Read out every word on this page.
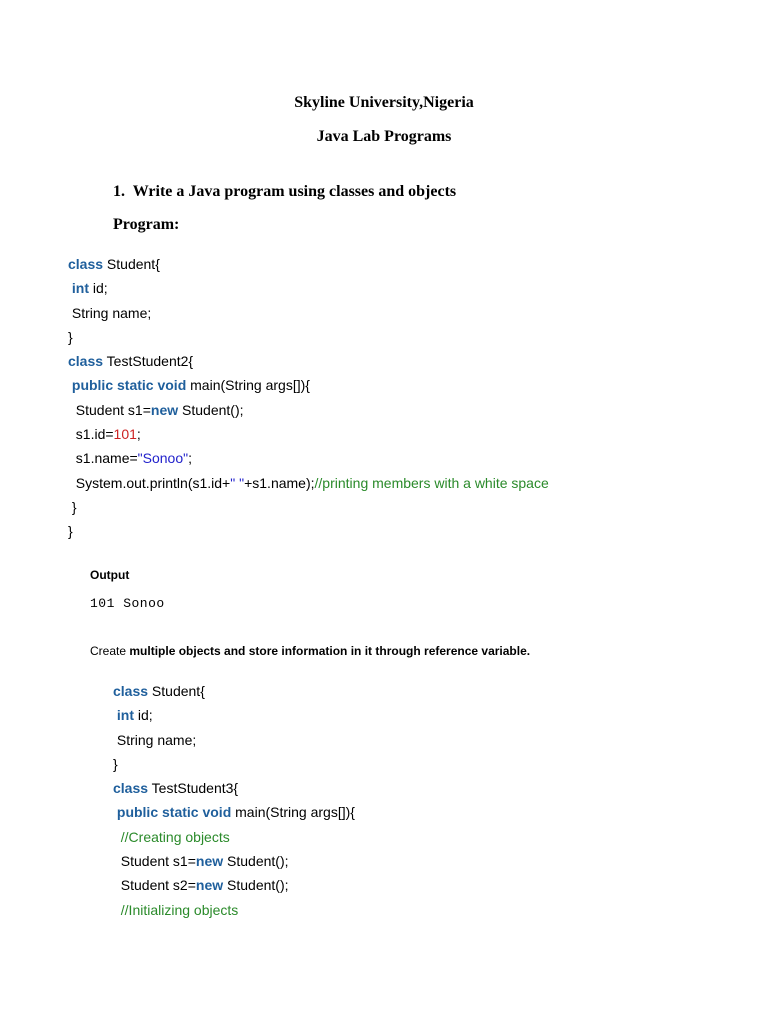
Skyline University,Nigeria
Java Lab Programs
1. Write a Java program using classes and objects
Program:
class Student{
int id;
String name;
}
class TestStudent2{
public static void main(String args[]){
Student s1=new Student();
s1.id=101;
s1.name="Sonoo";
System.out.println(s1.id+" "+s1.name);//printing members with a white space
}
}
Output
101 Sonoo
Create multiple objects and store information in it through reference variable.
class Student{
int id;
String name;
}
class TestStudent3{
public static void main(String args[]){
//Creating objects
Student s1=new Student();
Student s2=new Student();
//Initializing objects
